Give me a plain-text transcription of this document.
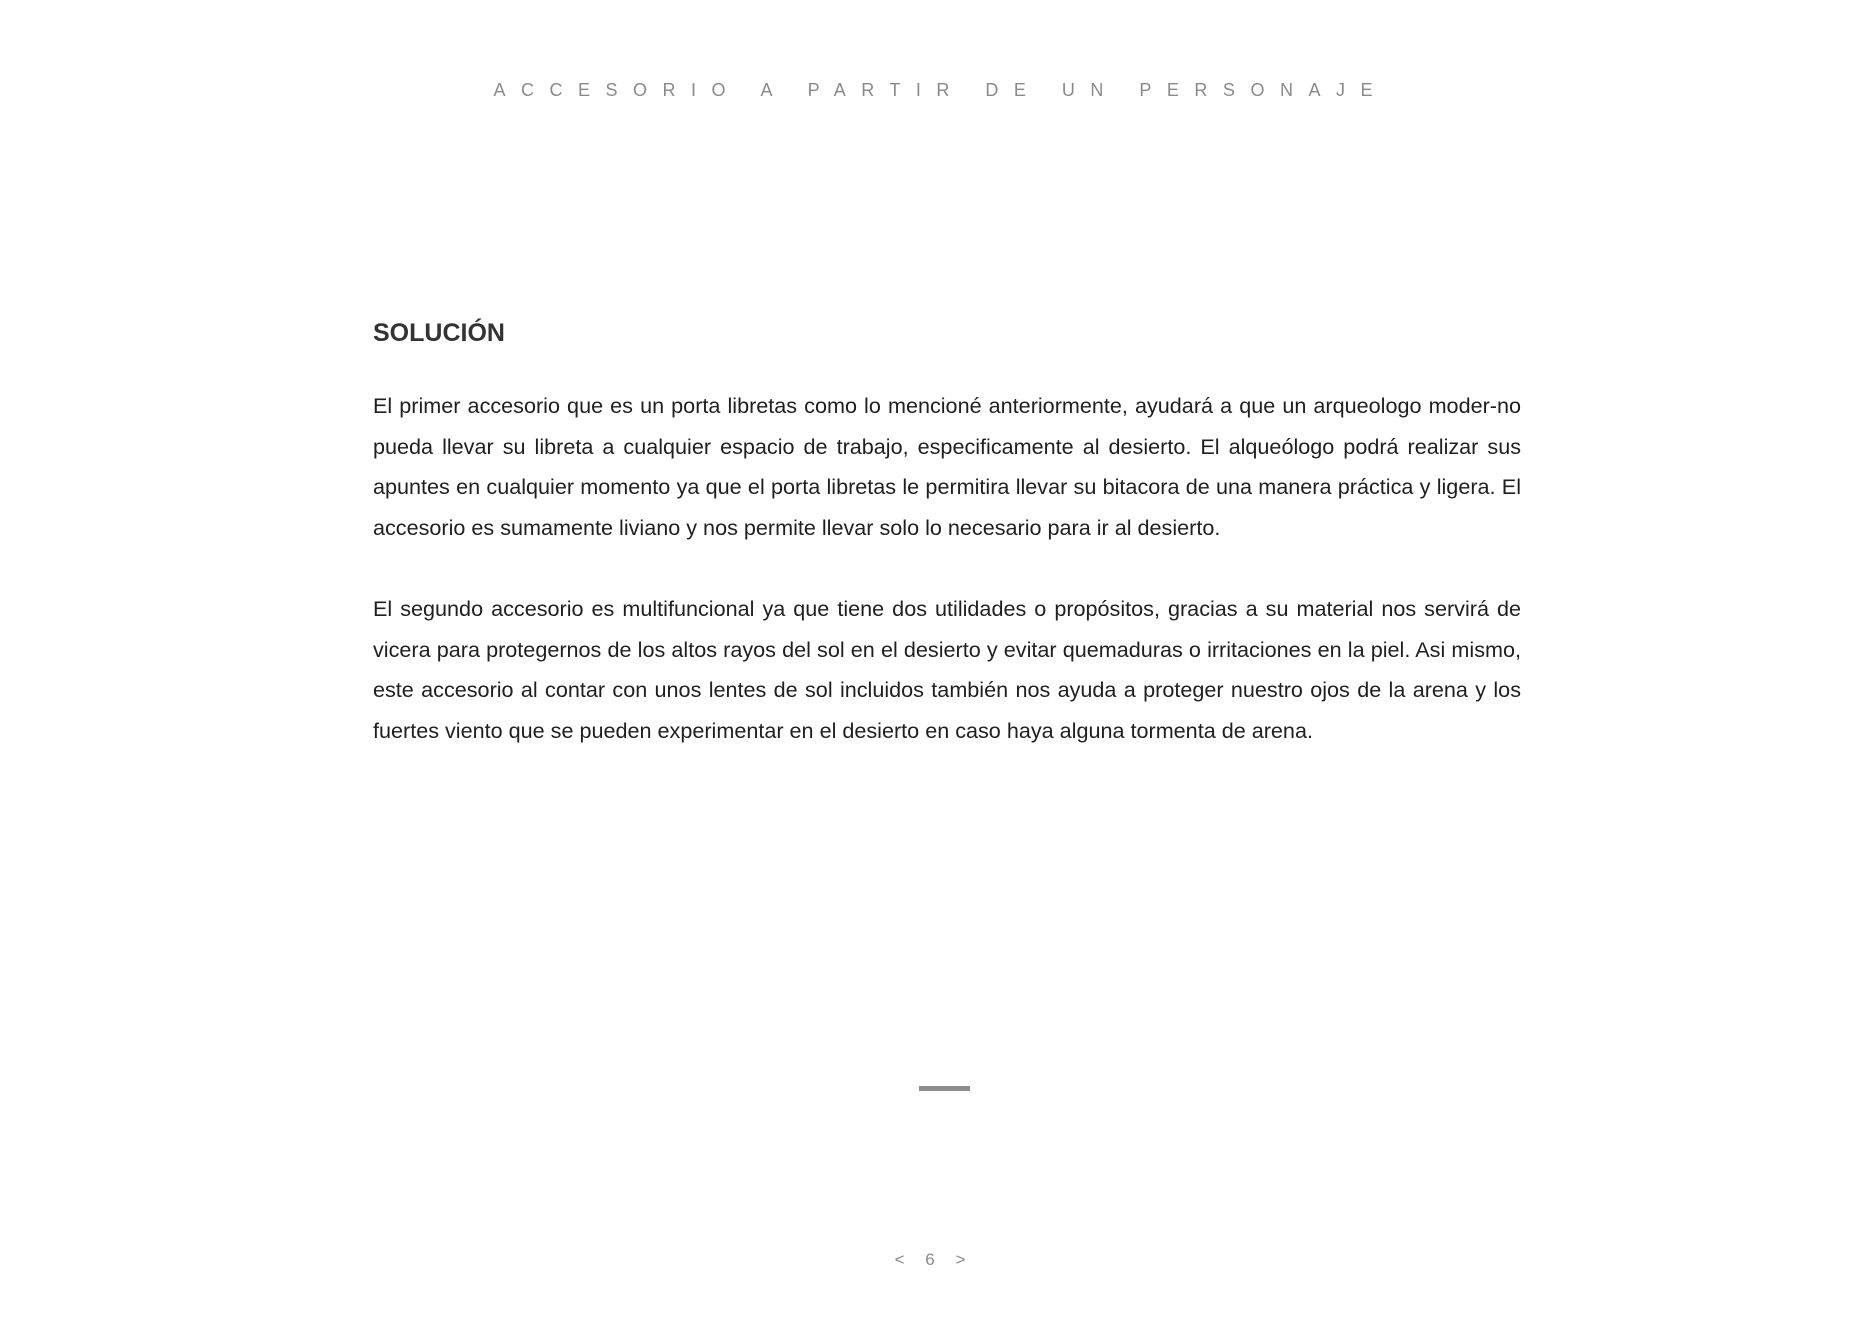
ACCESORIO A PARTIR DE UN PERSONAJE
SOLUCIÓN

El primer accesorio que es un porta libretas como lo mencioné anteriormente, ayudará a que un arqueologo moder-no pueda llevar su libreta a cualquier espacio de trabajo, especificamente al desierto. El alqueólogo podrá realizar sus apuntes en cualquier momento ya que el porta libretas le permitira llevar su bitacora de una manera práctica y ligera. El accesorio es sumamente liviano y nos permite llevar solo lo necesario para ir al desierto.

El segundo accesorio es multifuncional ya que tiene dos utilidades o propósitos, gracias a su material nos servirá de vicera para protegernos de los altos rayos del sol en el desierto y evitar quemaduras o irritaciones en la piel. Asi mismo, este accesorio al contar con unos lentes de sol incluidos también nos ayuda a proteger nuestro ojos de la arena y los fuertes viento que se pueden experimentar en el desierto en caso haya alguna tormenta de arena.

< 6 >
